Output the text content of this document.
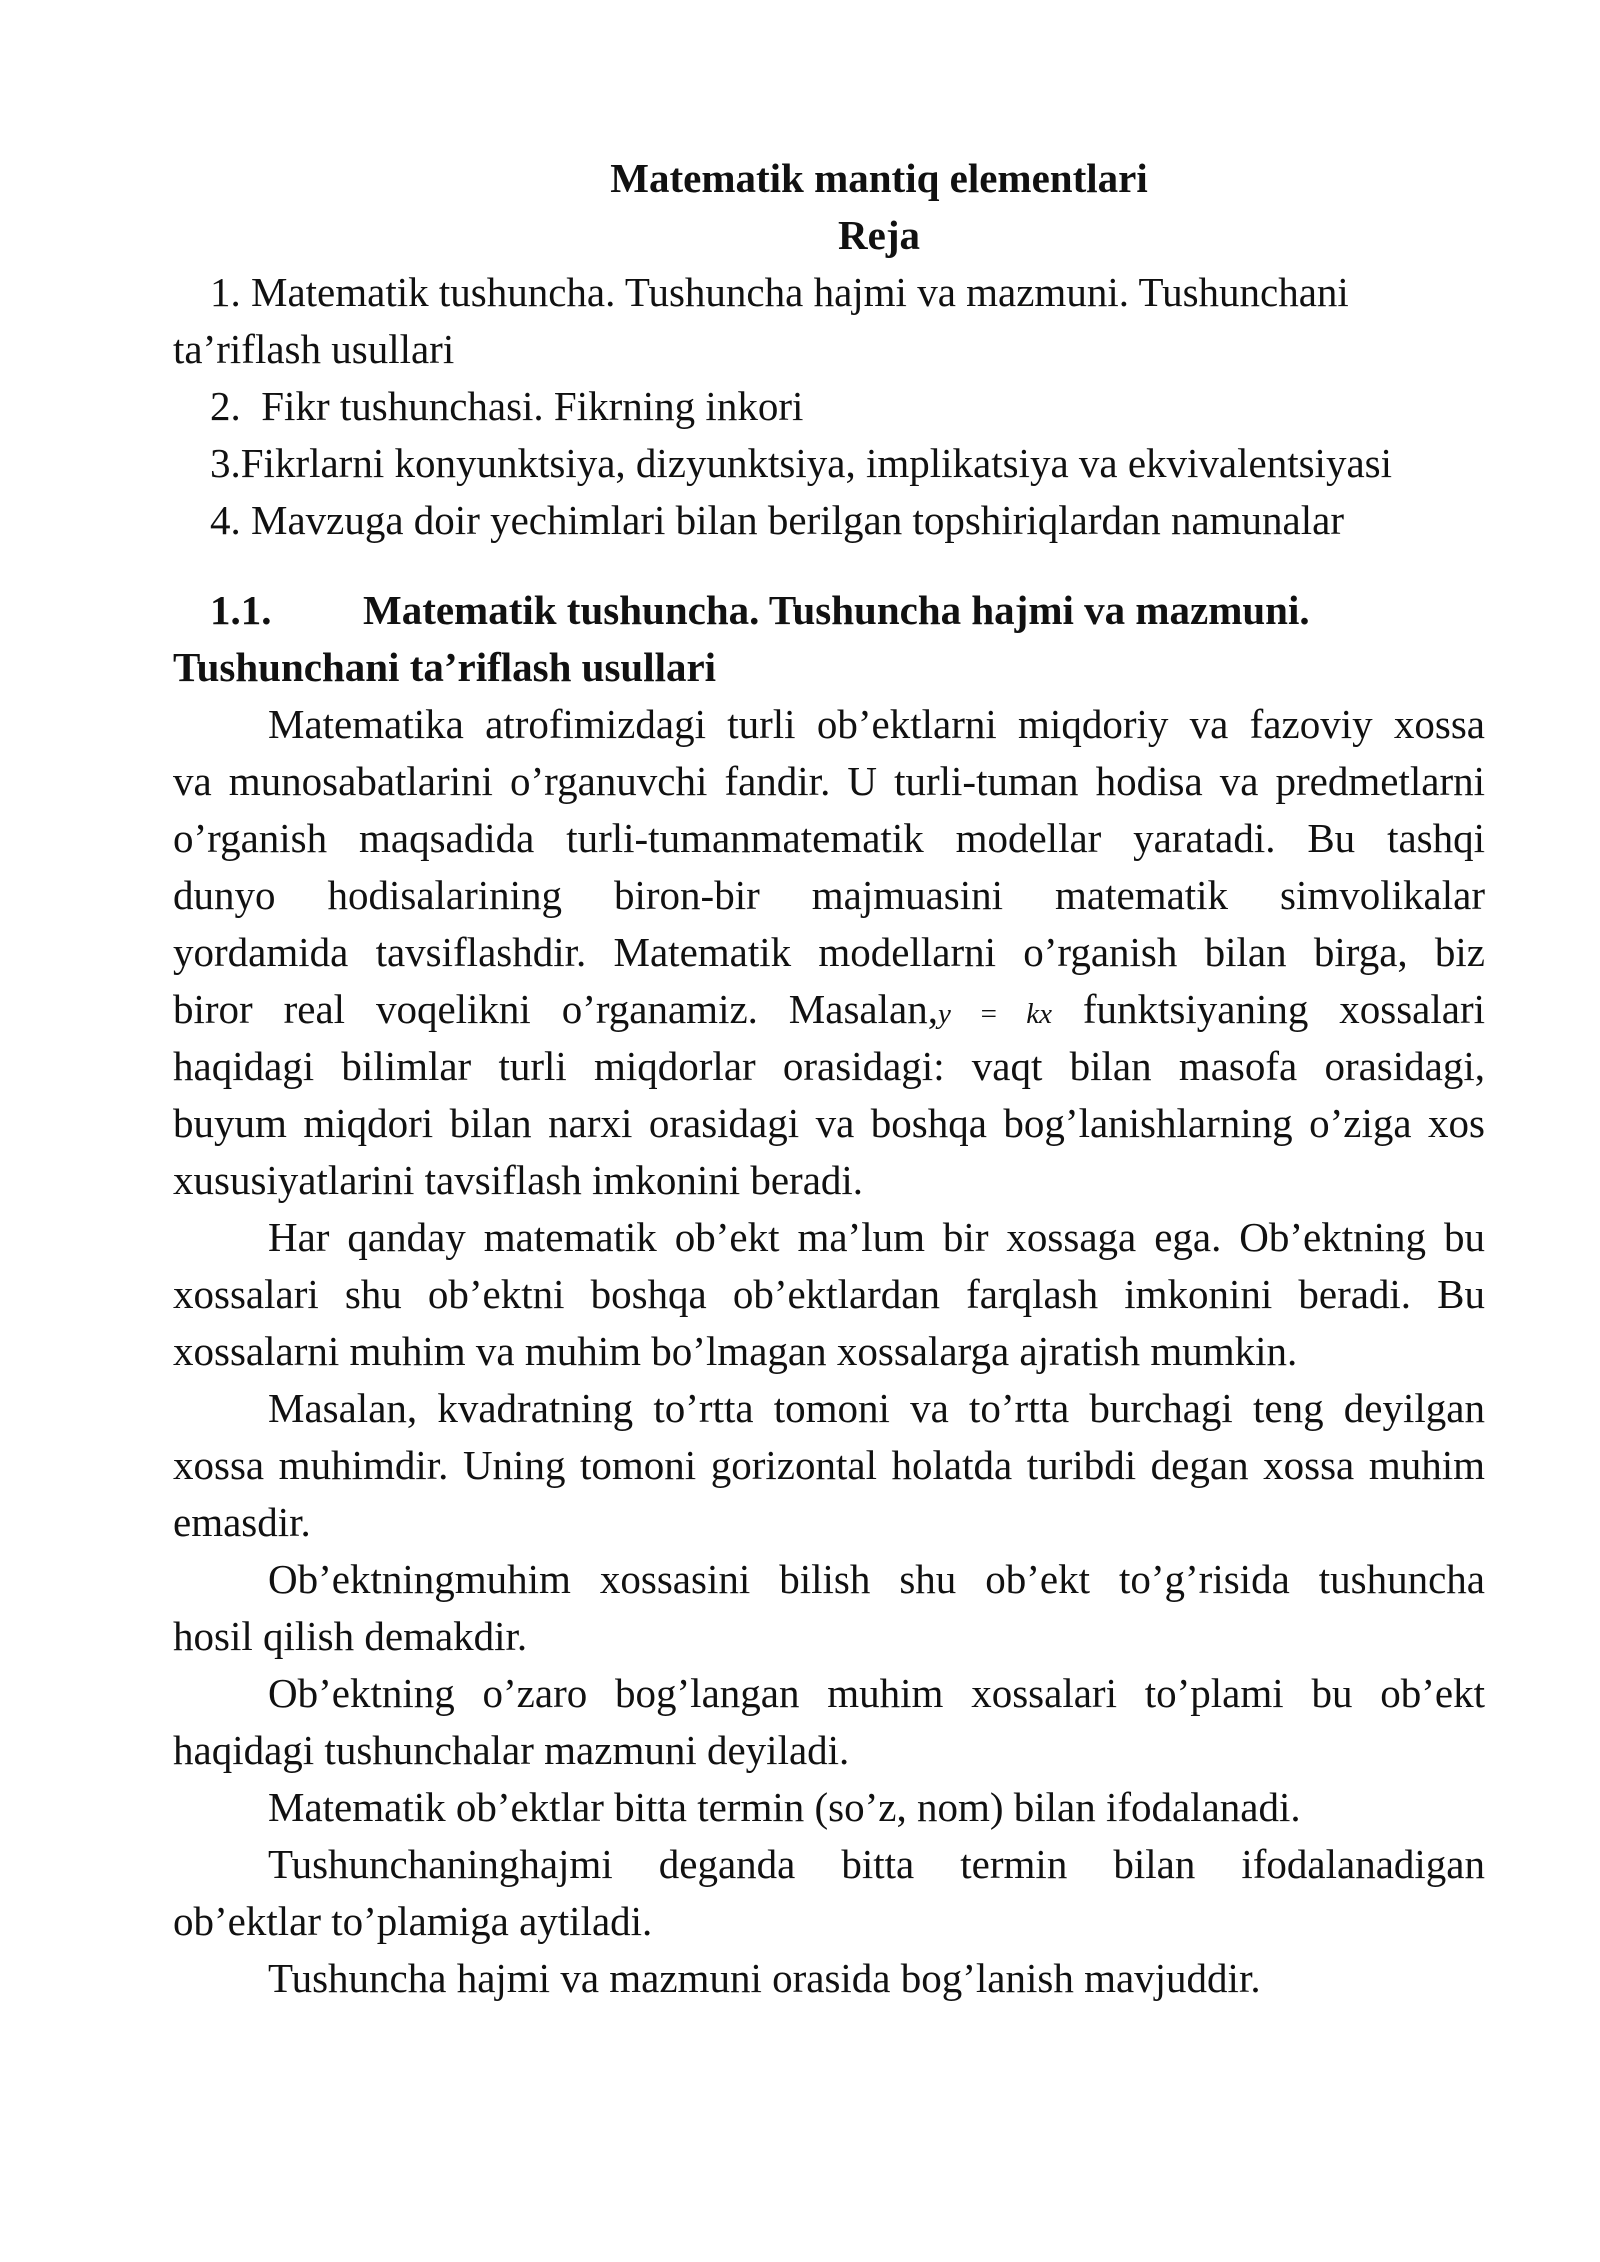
Matematik mantiq elementlari
Reja
1. Matematik tushuncha. Tushuncha hajmi va mazmuni. Tushunchani
ta’riflash usullari
2.  Fikr tushunchasi. Fikrning inkori
3.Fikrlarni konyunktsiya, dizyunktsiya, implikatsiya va ekvivalentsiyasi
4. Mavzuga doir yechimlari bilan berilgan topshiriqlardan namunalar
1.1. Matematik tushuncha. Tushuncha hajmi va mazmuni.
Tushunchani ta’riflash usullari
Matematika atrofimizdagi turli ob’ektlarni miqdoriy va fazoviy xossa
va munosabatlarini o’rganuvchi fandir. U turli-tuman hodisa va predmetlarni
o’rganish maqsadida turli-tumanmatematik modellar yaratadi. Bu tashqi
dunyo hodisalarining biron-bir majmuasini matematik simvolikalar
yordamida tavsiflashdir. Matematik modellarni o’rganish bilan birga, biz
biror real voqelikni o’rganamiz. Masalan,y = kx funktsiyaning xossalari
haqidagi bilimlar turli miqdorlar orasidagi: vaqt bilan masofa orasidagi,
buyum miqdori bilan narxi orasidagi va boshqa bog’lanishlarning o’ziga xos
xususiyatlarini tavsiflash imkonini beradi.
Har qanday matematik ob’ekt ma’lum bir xossaga ega. Ob’ektning bu
xossalari shu ob’ektni boshqa ob’ektlardan farqlash imkonini beradi. Bu
xossalarni muhim va muhim bo’lmagan xossalarga ajratish mumkin.
Masalan, kvadratning to’rtta tomoni va to’rtta burchagi teng deyilgan
xossa muhimdir. Uning tomoni gorizontal holatda turibdi degan xossa muhim
emasdir.
Ob’ektningmuhim xossasini bilish shu ob’ekt to’g’risida tushuncha
hosil qilish demakdir.
Ob’ektning o’zaro bog’langan muhim xossalari to’plami bu ob’ekt
haqidagi tushunchalar mazmuni deyiladi.
Matematik ob’ektlar bitta termin (so’z, nom) bilan ifodalanadi.
Tushunchaninghajmi deganda bitta termin bilan ifodalanadigan
ob’ektlar to’plamiga aytiladi.
Tushuncha hajmi va mazmuni orasida bog’lanish mavjuddir.
